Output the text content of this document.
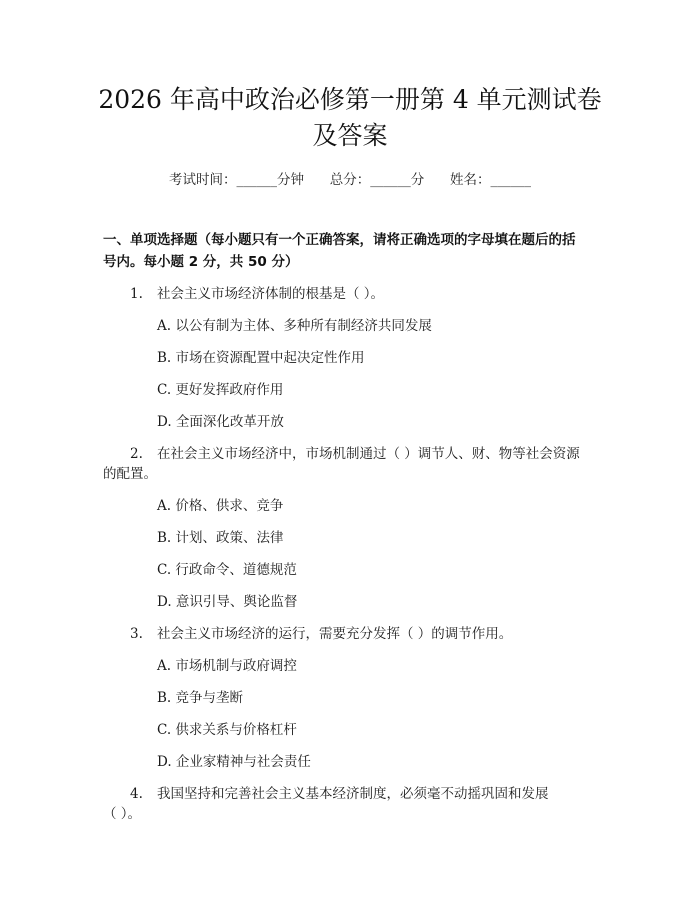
2026 年高中政治必修第一册第 4 单元测试卷
及答案
考试时间：______分钟      总分：______分      姓名：______
一、单项选择题（每小题只有一个正确答案，请将正确选项的字母填在题后的括
号内。每小题 2 分，共 50 分）
1. 社会主义市场经济体制的根基是（ ）。
A. 以公有制为主体、多种所有制经济共同发展
B. 市场在资源配置中起决定性作用
C. 更好发挥政府作用
D. 全面深化改革开放
2. 在社会主义市场经济中，市场机制通过（ ）调节人、财、物等社会资源
的配置。
A. 价格、供求、竞争
B. 计划、政策、法律
C. 行政命令、道德规范
D. 意识引导、舆论监督
3. 社会主义市场经济的运行，需要充分发挥（ ）的调节作用。
A. 市场机制与政府调控
B. 竞争与垄断
C. 供求关系与价格杠杆
D. 企业家精神与社会责任
4. 我国坚持和完善社会主义基本经济制度，必须毫不动摇巩固和发展
（ ）。
